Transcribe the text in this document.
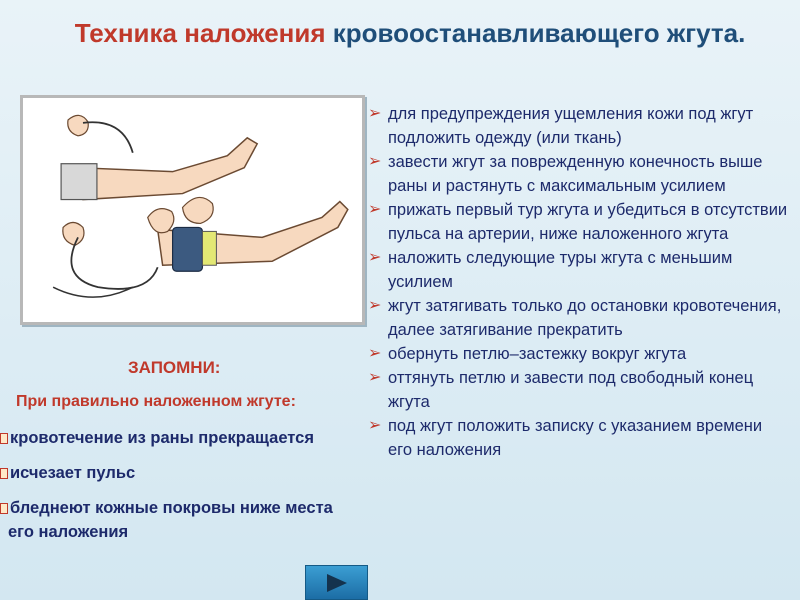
Техника наложения кровоостанавливающего жгута.
➢ для предупреждения ущемления кожи под жгут подложить одежду (или ткань)
➢ завести жгут за поврежденную конечность выше раны и растянуть с максимальным усилием
➢ прижать первый тур жгута и убедиться в отсутствии пульса на артерии, ниже наложенного жгута
➢ наложить следующие туры жгута с меньшим усилием
➢ жгут затягивать только до остановки кровотечения, далее затягивание прекратить
➢ обернуть петлю–застежку вокруг жгута
➢ оттянуть петлю и завести под свободный конец жгута
➢ под жгут положить записку с указанием времени его наложения
ЗАПОМНИ:
При правильно наложенном жгуте:
кровотечение из раны прекращается
исчезает пульс
бледнеют кожные покровы ниже места его наложения
